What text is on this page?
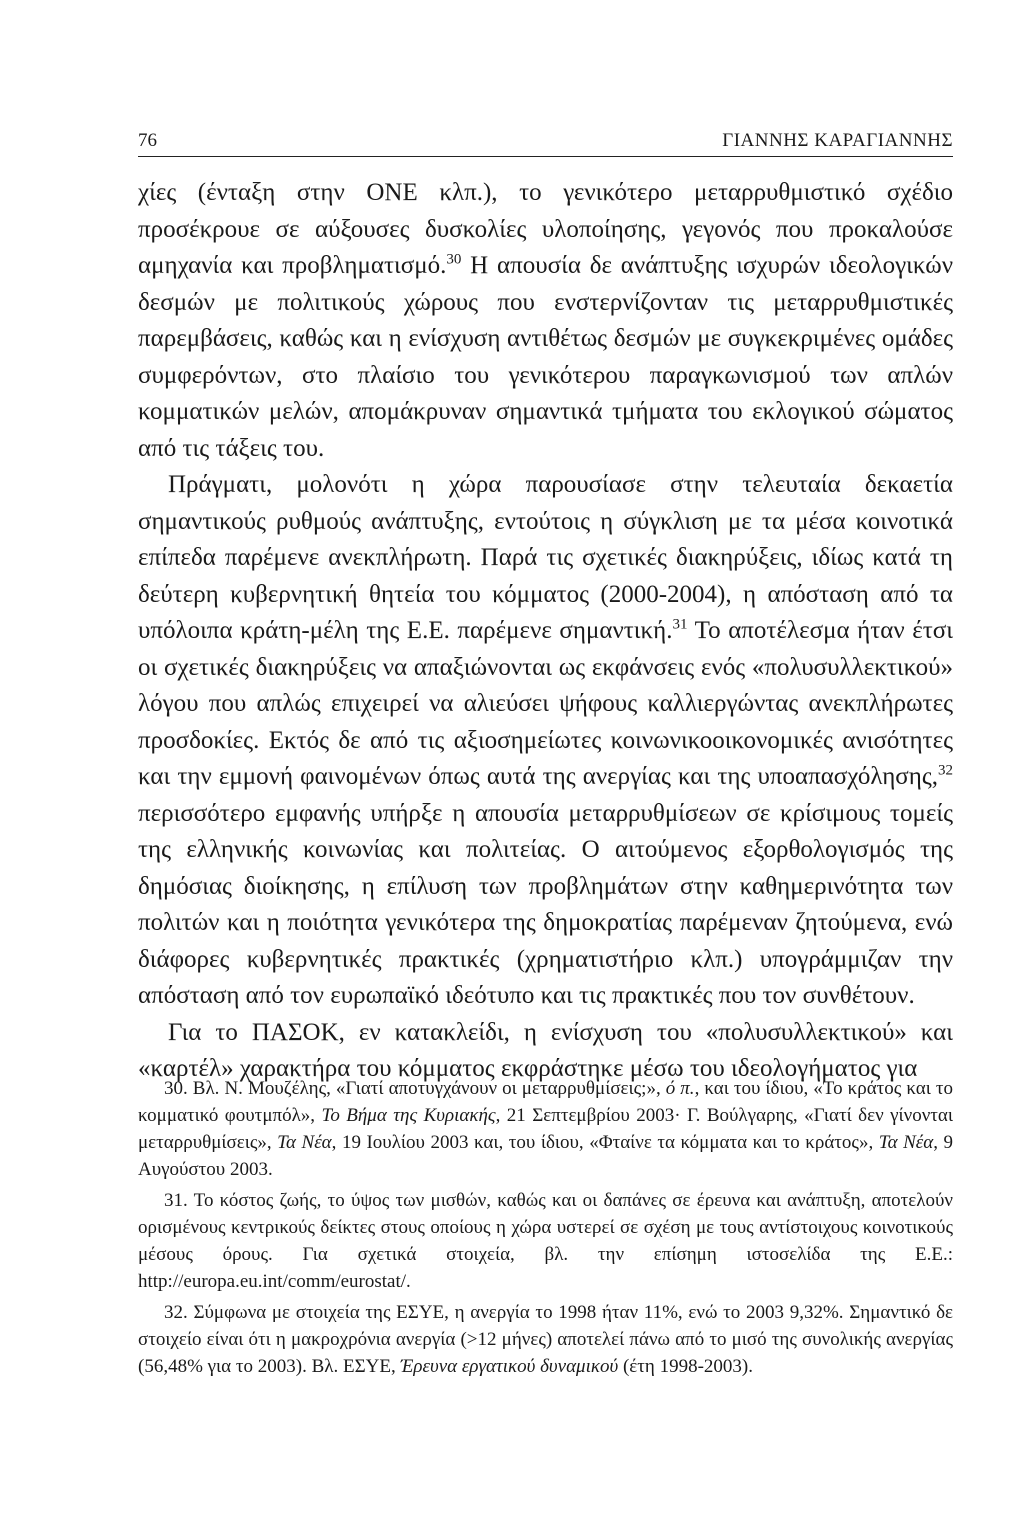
76	ΓΙΑΝΝΗΣ ΚΑΡΑΓΙΑΝΝΗΣ

χίες (ένταξη στην ΟΝΕ κλπ.), το γενικότερο μεταρρυθμιστικό σχέδιο προσέκρουε σε αύξουσες δυσκολίες υλοποίησης, γεγονός που προκαλούσε αμηχανία και προβληματισμό.$^{30}$ Η απουσία δε ανάπτυξης ισχυρών ιδεολογικών δεσμών με πολιτικούς χώρους που ενστερνίζονταν τις μεταρρυθμιστικές παρεμβάσεις, καθώς και η ενίσχυση αντιθέτως δεσμών με συγκεκριμένες ομάδες συμφερόντων, στο πλαίσιο του γενικότερου παραγκωνισμού των απλών κομματικών μελών, απομάκρυναν σημαντικά τμήματα του εκλογικού σώματος από τις τάξεις του.

Πράγματι, μολονότι η χώρα παρουσίασε στην τελευταία δεκαετία σημαντικούς ρυθμούς ανάπτυξης, εντούτοις η σύγκλιση με τα μέσα κοινοτικά επίπεδα παρέμενε ανεκπλήρωτη. Παρά τις σχετικές διακηρύξεις, ιδίως κατά τη δεύτερη κυβερνητική θητεία του κόμματος (2000-2004), η απόσταση από τα υπόλοιπα κράτη-μέλη της Ε.Ε. παρέμενε σημαντική.$^{31}$ Το αποτέλεσμα ήταν έτσι οι σχετικές διακηρύξεις να απαξιώνονται ως εκφάνσεις ενός «πολυσυλλεκτικού» λόγου που απλώς επιχειρεί να αλιεύσει ψήφους καλλιεργώντας ανεκπλήρωτες προσδοκίες. Εκτός δε από τις αξιοσημείωτες κοινωνικοοικονομικές ανισότητες και την εμμονή φαινομένων όπως αυτά της ανεργίας και της υποαπασχόλησης,$^{32}$ περισσότερο εμφανής υπήρξε η απουσία μεταρρυθμίσεων σε κρίσιμους τομείς της ελληνικής κοινωνίας και πολιτείας. Ο αιτούμενος εξορθολογισμός της δημόσιας διοίκησης, η επίλυση των προβλημάτων στην καθημερινότητα των πολιτών και η ποιότητα γενικότερα της δημοκρατίας παρέμεναν ζητούμενα, ενώ διάφορες κυβερνητικές πρακτικές (χρηματιστήριο κλπ.) υπογράμμιζαν την απόσταση από τον ευρωπαϊκό ιδεότυπο και τις πρακτικές που τον συνθέτουν.

Για το ΠΑΣΟΚ, εν κατακλείδι, η ενίσχυση του «πολυσυλλεκτικού» και «καρτέλ» χαρακτήρα του κόμματος εκφράστηκε μέσω του ιδεολογήματος για

30. Βλ. Ν. Μουζέλης, «Γιατί αποτυγχάνουν οι μεταρρυθμίσεις;», ό π., και του ίδιου, «Το κράτος και το κομματικό φουτμπόλ», Το Βήμα της Κυριακής, 21 Σεπτεμβρίου 2003· Γ. Βούλγαρης, «Γιατί δεν γίνονται μεταρρυθμίσεις», Τα Νέα, 19 Ιουλίου 2003 και, του ίδιου, «Φταίνε τα κόμματα και το κράτος», Τα Νέα, 9 Αυγούστου 2003.

31. Το κόστος ζωής, το ύψος των μισθών, καθώς και οι δαπάνες σε έρευνα και ανάπτυξη, αποτελούν ορισμένους κεντρικούς δείκτες στους οποίους η χώρα υστερεί σε σχέση με τους αντίστοιχους κοινοτικούς μέσους όρους. Για σχετικά στοιχεία, βλ. την επίσημη ιστοσελίδα της Ε.Ε.: http://europa.eu.int/comm/eurostat/.

32. Σύμφωνα με στοιχεία της ΕΣΥΕ, η ανεργία το 1998 ήταν 11%, ενώ το 2003 9,32%. Σημαντικό δε στοιχείο είναι ότι η μακροχρόνια ανεργία (>12 μήνες) αποτελεί πάνω από το μισό της συνολικής ανεργίας (56,48% για το 2003). Βλ. ΕΣΥΕ, Έρευνα εργατικού δυναμικού (έτη 1998-2003).
